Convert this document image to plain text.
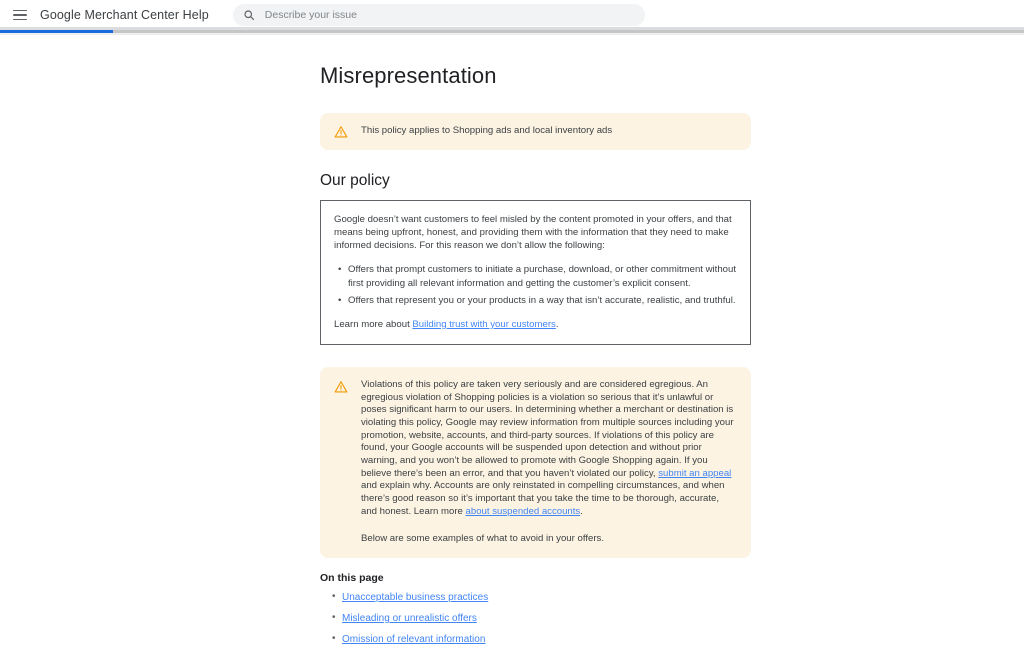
Google Merchant Center Help
Describe your issue
Misrepresentation
This policy applies to Shopping ads and local inventory ads
Our policy

Google doesn’t want customers to feel misled by the content promoted in your offers, and that means being upfront, honest, and providing them with the information that they need to make informed decisions. For this reason we don’t allow the following:

• Offers that prompt customers to initiate a purchase, download, or other commitment without first providing all relevant information and getting the customer’s explicit consent.
• Offers that represent you or your products in a way that isn’t accurate, realistic, and truthful.

Learn more about Building trust with your customers.

Violations of this policy are taken very seriously and are considered egregious. An egregious violation of Shopping policies is a violation so serious that it’s unlawful or poses significant harm to our users. In determining whether a merchant or destination is violating this policy, Google may review information from multiple sources including your promotion, website, accounts, and third-party sources. If violations of this policy are found, your Google accounts will be suspended upon detection and without prior warning, and you won’t be allowed to promote with Google Shopping again. If you believe there’s been an error, and that you haven’t violated our policy, submit an appeal and explain why. Accounts are only reinstated in compelling circumstances, and when there’s good reason so it’s important that you take the time to be thorough, accurate, and honest. Learn more about suspended accounts.

Below are some examples of what to avoid in your offers.

On this page
• Unacceptable business practices
• Misleading or unrealistic offers
• Omission of relevant information
